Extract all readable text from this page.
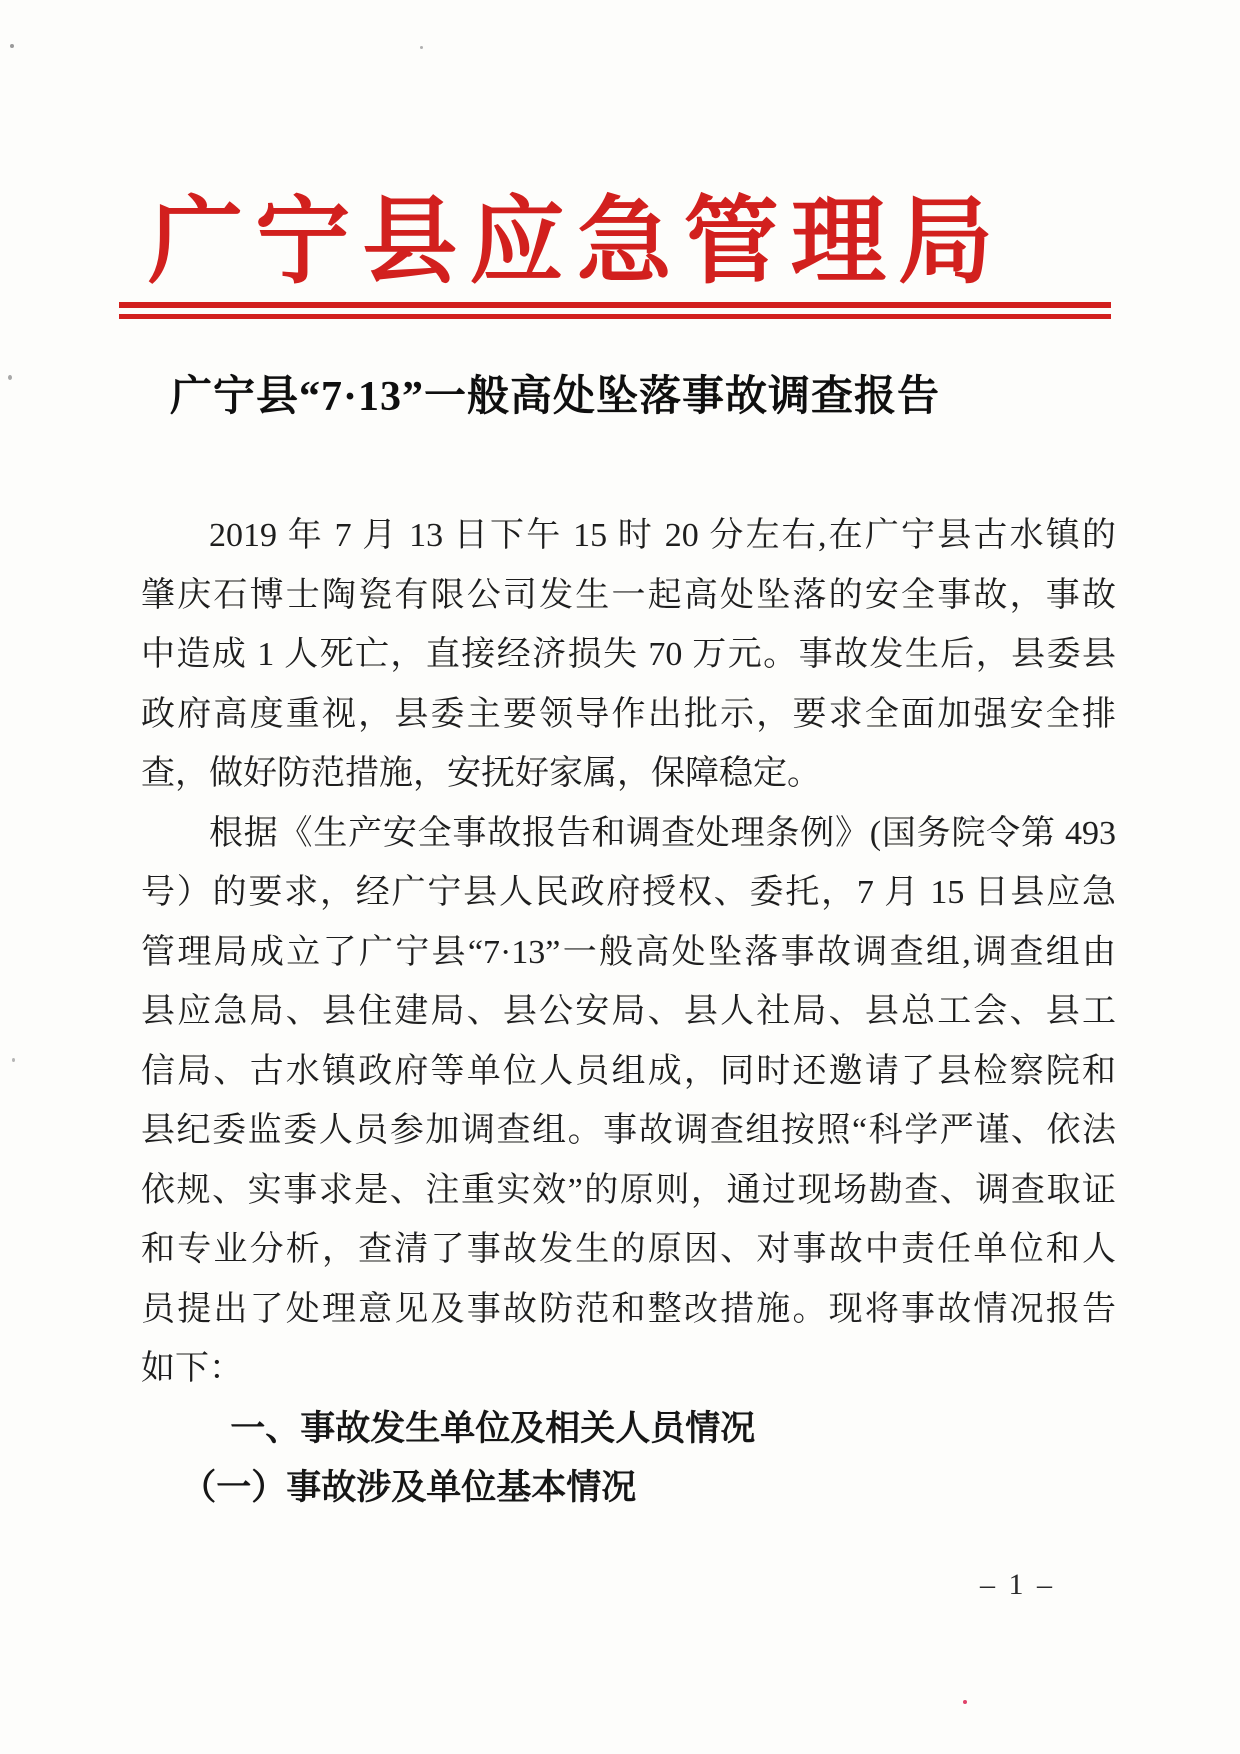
广宁县应急管理局
广宁县“7·13”一般高处坠落事故调查报告
2019 年 7 月 13 日下午 15 时 20 分左右,在广宁县古水镇的
肇庆石博士陶瓷有限公司发生一起高处坠落的安全事故，事故
中造成 1 人死亡，直接经济损失 70 万元。事故发生后，县委县
政府高度重视，县委主要领导作出批示，要求全面加强安全排
查，做好防范措施，安抚好家属，保障稳定。
根据《生产安全事故报告和调查处理条例》(国务院令第 493
号）的要求，经广宁县人民政府授权、委托，7 月 15 日县应急
管理局成立了广宁县“7·13”一般高处坠落事故调查组,调查组由
县应急局、县住建局、县公安局、县人社局、县总工会、县工
信局、古水镇政府等单位人员组成，同时还邀请了县检察院和
县纪委监委人员参加调查组。事故调查组按照“科学严谨、依法
依规、实事求是、注重实效”的原则，通过现场勘查、调查取证
和专业分析，查清了事故发生的原因、对事故中责任单位和人
员提出了处理意见及事故防范和整改措施。现将事故情况报告
如下：
一、事故发生单位及相关人员情况
（一）事故涉及单位基本情况
– 1 –
